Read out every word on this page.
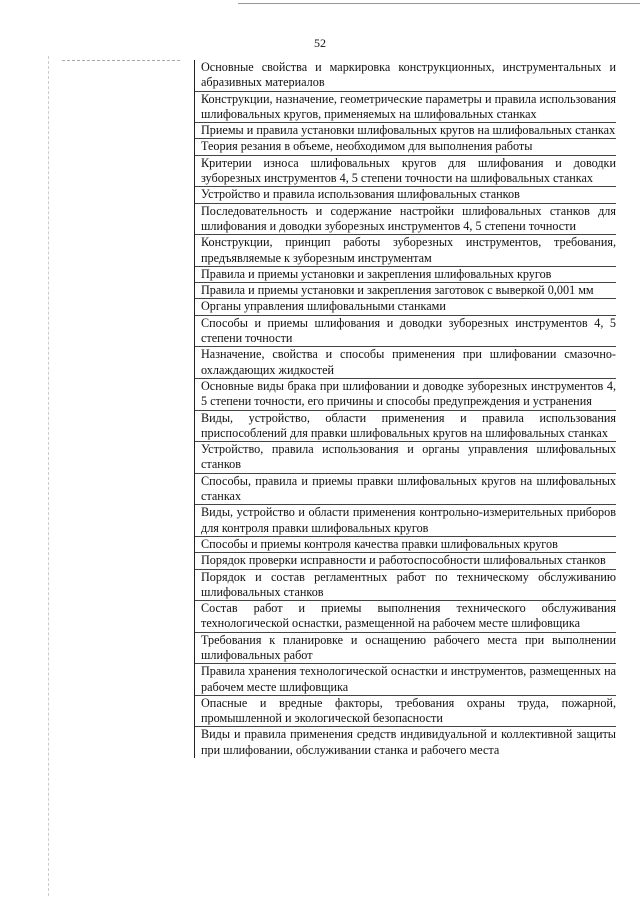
52
Основные свойства и маркировка конструкционных, инструментальных и абразивных материалов
Конструкции, назначение, геометрические параметры и правила использования шлифовальных кругов, применяемых на шлифовальных станках
Приемы и правила установки шлифовальных кругов на шлифовальных станках
Теория резания в объеме, необходимом для выполнения работы
Критерии износа шлифовальных кругов для шлифования и доводки зуборезных инструментов 4, 5 степени точности на шлифовальных станках
Устройство и правила использования шлифовальных станков
Последовательность и содержание настройки шлифовальных станков для шлифования и доводки зуборезных инструментов 4, 5 степени точности
Конструкции, принцип работы зуборезных инструментов, требования, предъявляемые к зуборезным инструментам
Правила и приемы установки и закрепления шлифовальных кругов
Правила и приемы установки и закрепления заготовок с выверкой 0,001 мм
Органы управления шлифовальными станками
Способы и приемы шлифования и доводки зуборезных инструментов 4, 5 степени точности
Назначение, свойства и способы применения при шлифовании смазочно-охлаждающих жидкостей
Основные виды брака при шлифовании и доводке зуборезных инструментов 4, 5 степени точности, его причины и способы предупреждения и устранения
Виды, устройство, области применения и правила использования приспособлений для правки шлифовальных кругов на шлифовальных станках
Устройство, правила использования и органы управления шлифовальных станков
Способы, правила и приемы правки шлифовальных кругов на шлифовальных станках
Виды, устройство и области применения контрольно-измерительных приборов для контроля правки шлифовальных кругов
Способы и приемы контроля качества правки шлифовальных кругов
Порядок проверки исправности и работоспособности шлифовальных станков
Порядок и состав регламентных работ по техническому обслуживанию шлифовальных станков
Состав работ и приемы выполнения технического обслуживания технологической оснастки, размещенной на рабочем месте шлифовщика
Требования к планировке и оснащению рабочего места при выполнении шлифовальных работ
Правила хранения технологической оснастки и инструментов, размещенных на рабочем месте шлифовщика
Опасные и вредные факторы, требования охраны труда, пожарной, промышленной и экологической безопасности
Виды и правила применения средств индивидуальной и коллективной защиты при шлифовании, обслуживании станка и рабочего места
